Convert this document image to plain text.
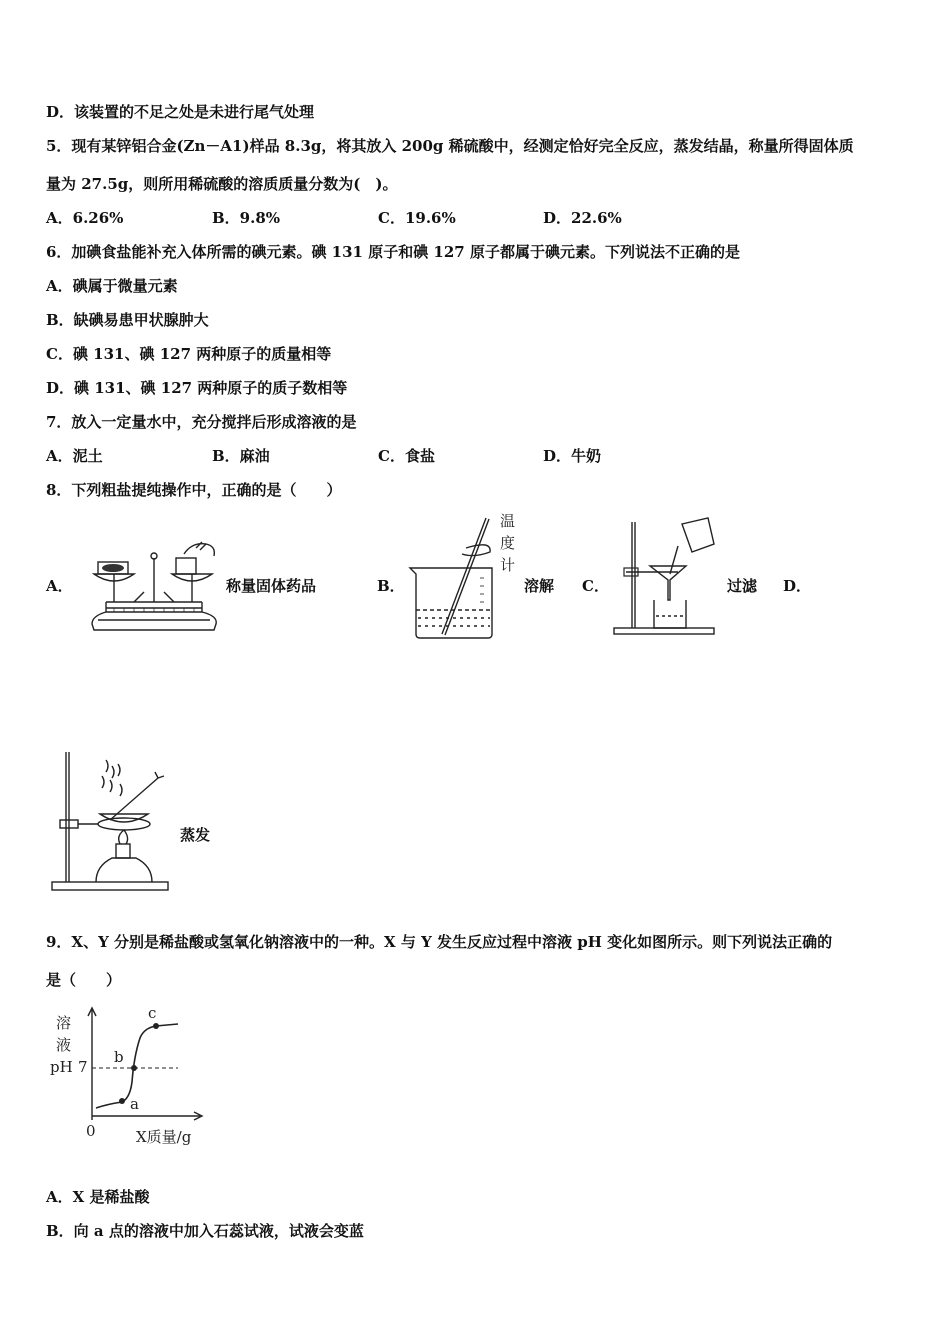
D．该装置的不足之处是未进行尾气处理
5．现有某锌铝合金(Zn－A1)样品 8.3g，将其放入 200g 稀硫酸中，经测定恰好完全反应，蒸发结晶，称量所得固体质
量为 27.5g，则所用稀硫酸的溶质质量分数为(　)。
A．6.26%	B．9.8%	C．19.6%	D．22.6%
6．加碘食盐能补充入体所需的碘元素。碘 131 原子和碘 127 原子都属于碘元素。下列说法不正确的是
A．碘属于微量元素
B．缺碘易患甲状腺肿大
C．碘 131、碘 127 两种原子的质量相等
D．碘 131、碘 127 两种原子的质子数相等
7．放入一定量水中，充分搅拌后形成溶液的是
A．泥土	B．麻油	C．食盐	D．牛奶
8．下列粗盐提纯操作中，正确的是（　　）
A．	称量固体药品	B．	溶解 C．	过滤 D．
蒸发
温
度
计
9．X、Y 分别是稀盐酸或氢氧化钠溶液中的一种。X 与 Y 发生反应过程中溶液 pH 变化如图所示。则下列说法正确的
是（　　）
溶
液
pH 7
0	X质量/g
a
b
c
A．X 是稀盐酸
B．向 a 点的溶液中加入石蕊试液，试液会变蓝
